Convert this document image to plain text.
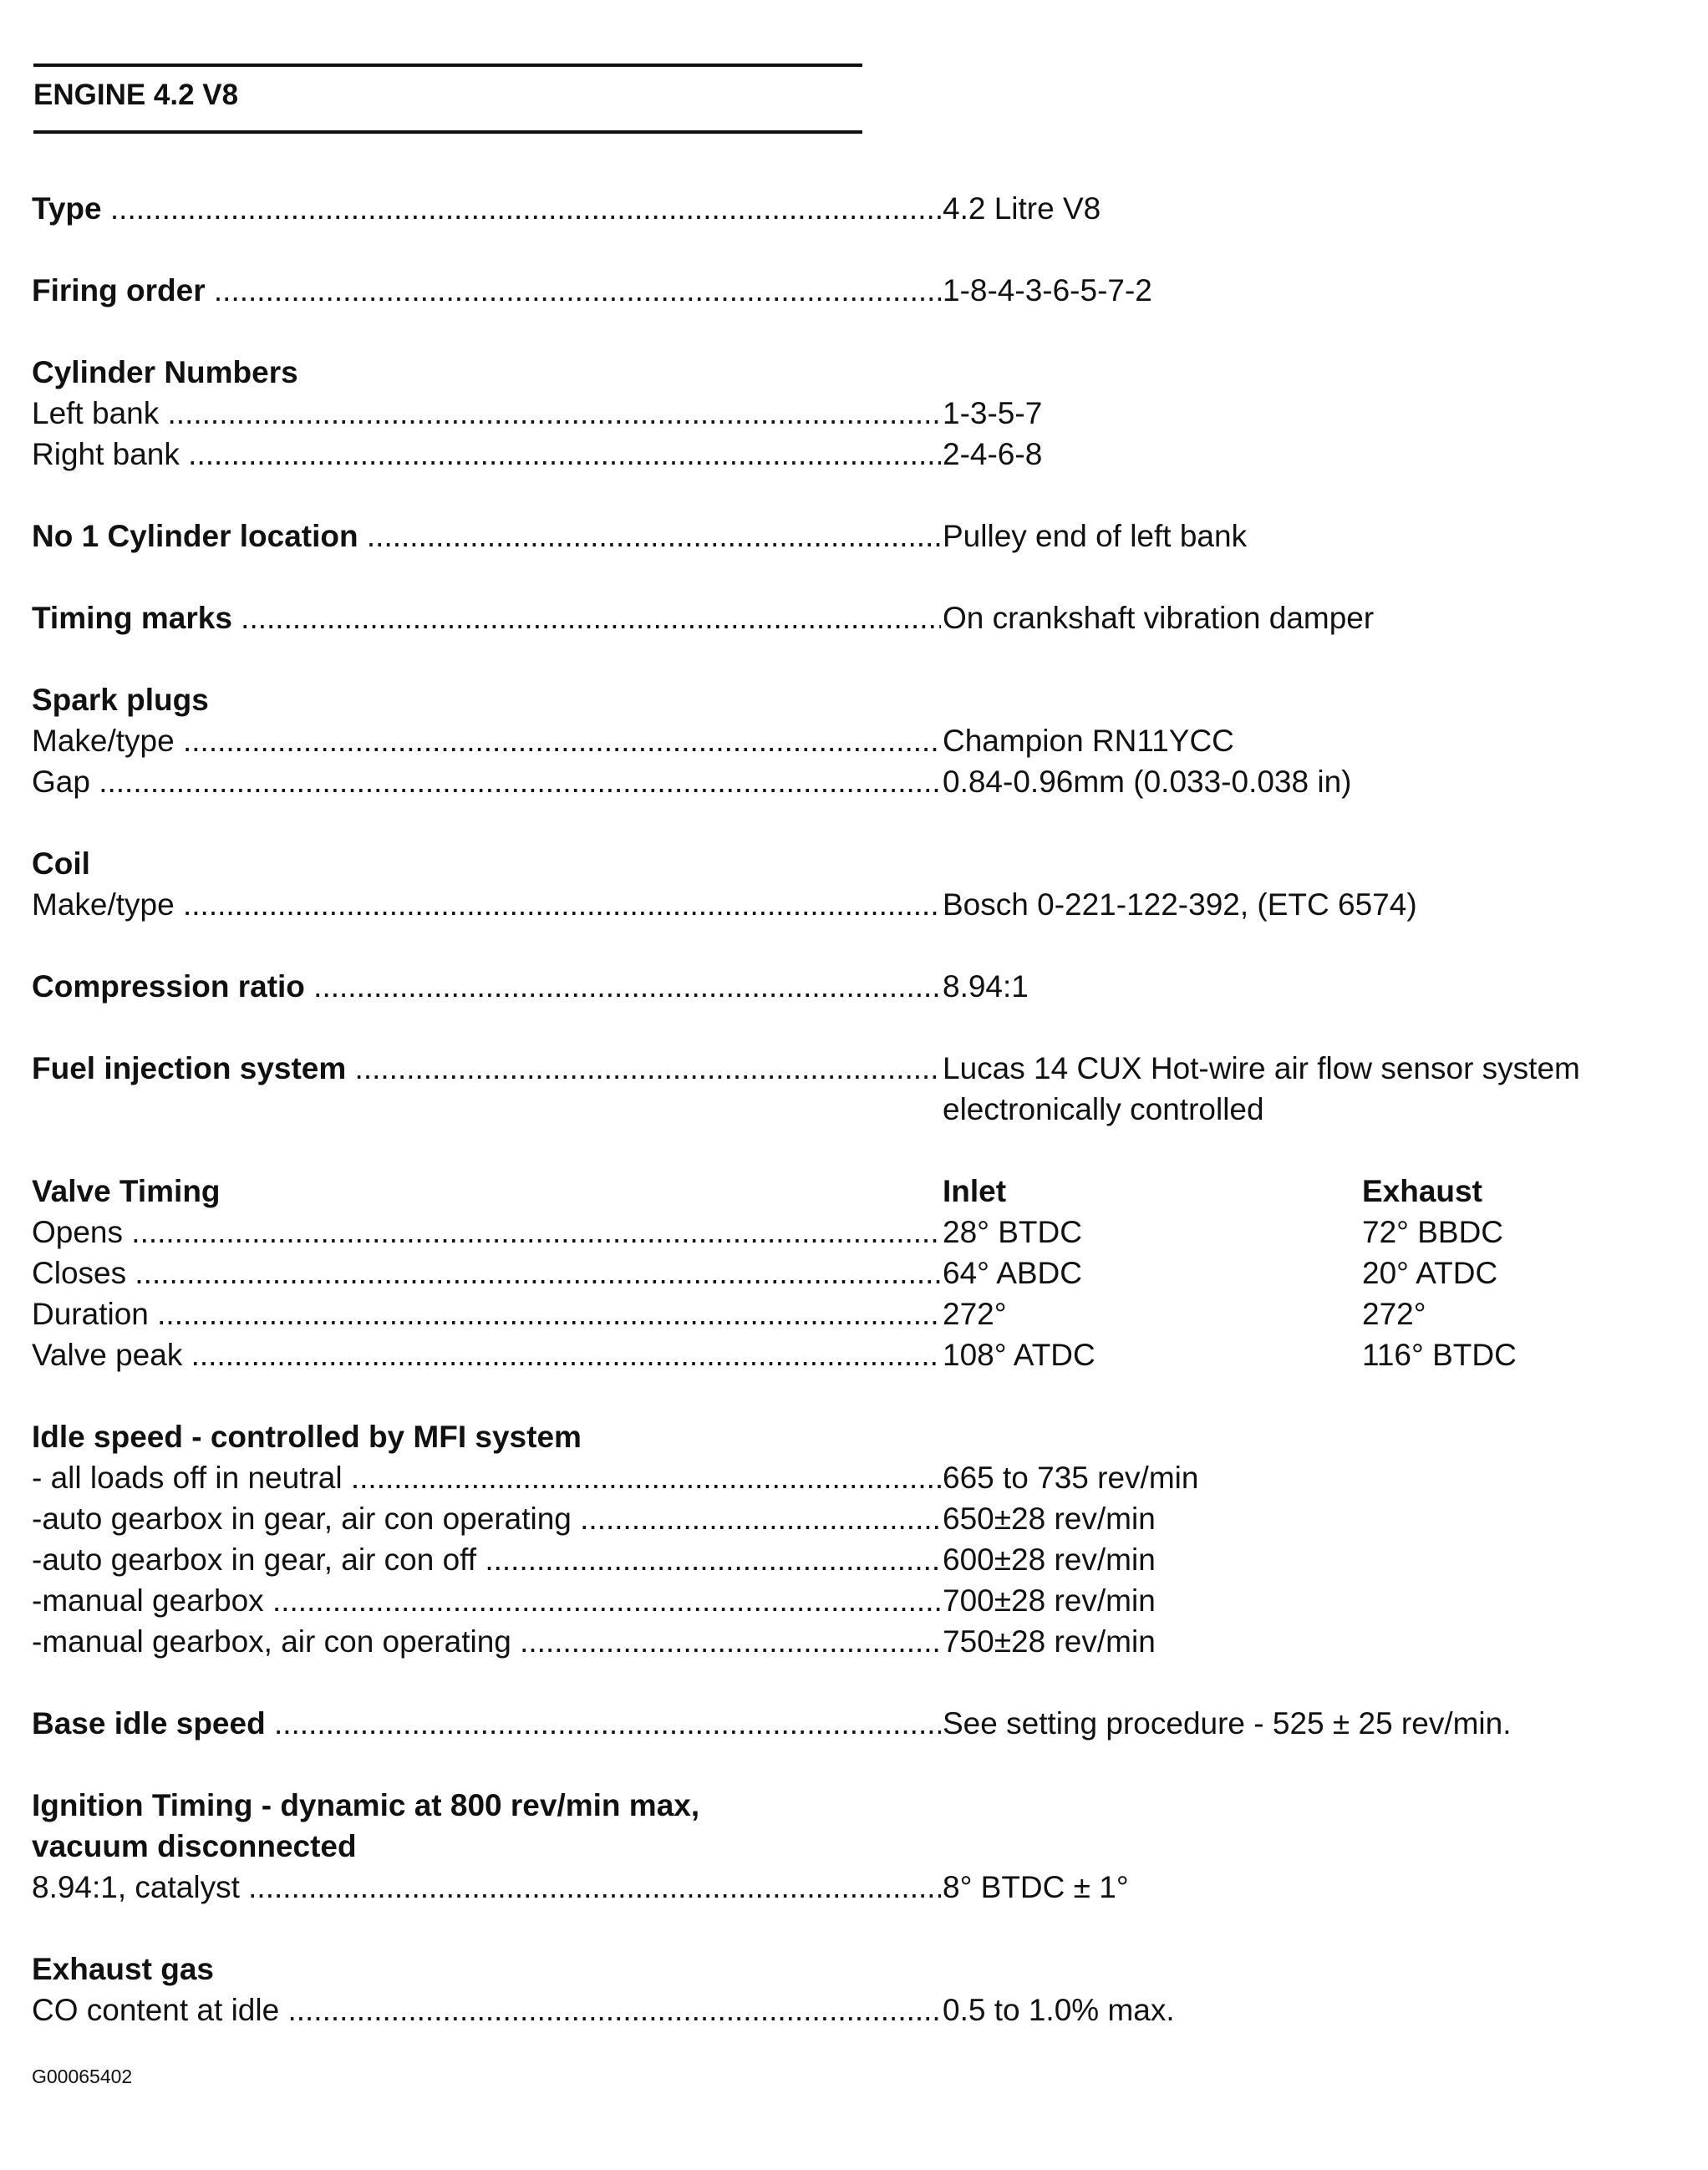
ENGINE 4.2 V8
Type .....	4.2 Litre V8
Firing order .....	1-8-4-3-6-5-7-2
Cylinder Numbers
Left bank .....	1-3-5-7
Right bank .....	2-4-6-8
No 1 Cylinder location .....	Pulley end of left bank
Timing marks .....	On crankshaft vibration damper
Spark plugs
Make/type .....	Champion RN11YCC
Gap .....	0.84-0.96mm (0.033-0.038 in)
Coil
Make/type .....	Bosch 0-221-122-392, (ETC 6574)
Compression ratio .....	8.94:1
Fuel injection system .....	Lucas 14 CUX Hot-wire air flow sensor system electronically controlled
Valve Timing	Inlet	Exhaust
Opens .....	28° BTDC	72° BBDC
Closes .....	64° ABDC	20° ATDC
Duration .....	272°	272°
Valve peak .....	108° ATDC	116° BTDC
Idle speed - controlled by MFI system
- all loads off in neutral .....	665 to 735 rev/min
-auto gearbox in gear, air con operating .....	650±28 rev/min
-auto gearbox in gear, air con off .....	600±28 rev/min
-manual gearbox .....	700±28 rev/min
-manual gearbox, air con operating .....	750±28 rev/min
Base idle speed .....	See setting procedure - 525 ± 25 rev/min.
Ignition Timing - dynamic at 800 rev/min max,
vacuum disconnected
8.94:1, catalyst .....	8° BTDC ± 1°
Exhaust gas
CO content at idle .....	0.5 to 1.0% max.
G00065402
